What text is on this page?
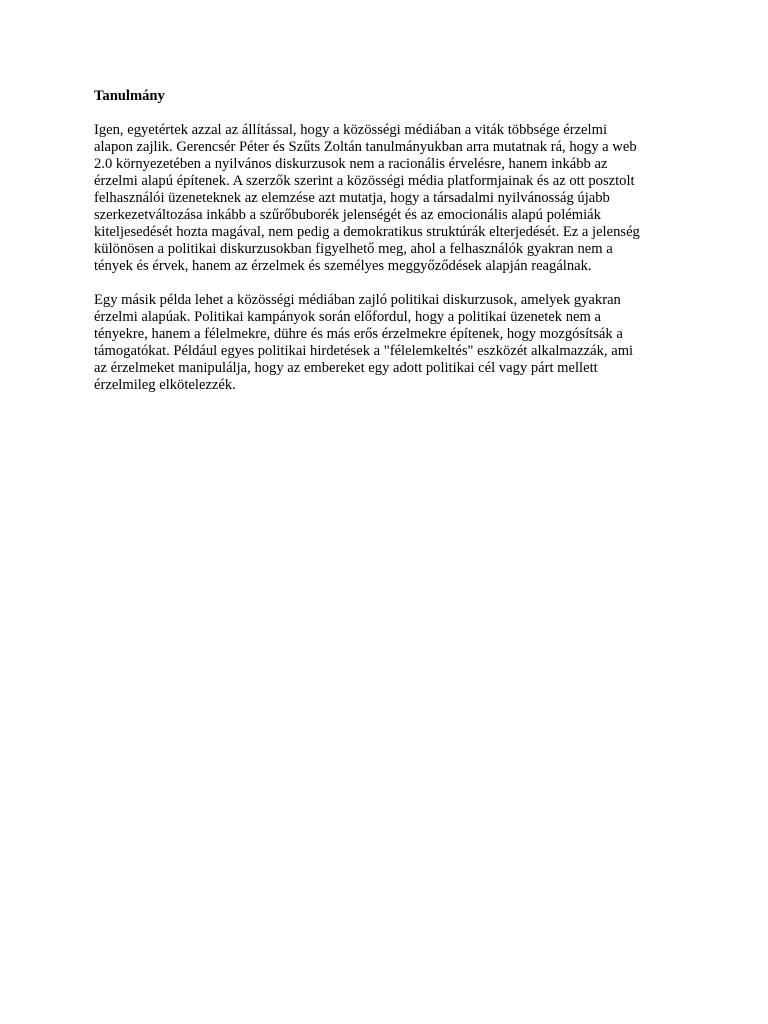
Tanulmány

Igen, egyetértek azzal az állítással, hogy a közösségi médiában a viták többsége érzelmi
alapon zajlik. Gerencsér Péter és Szűts Zoltán tanulmányukban arra mutatnak rá, hogy a web
2.0 környezetében a nyilvános diskurzusok nem a racionális érvelésre, hanem inkább az
érzelmi alapú építenek. A szerzők szerint a közösségi média platformjainak és az ott posztolt
felhasználói üzeneteknek az elemzése azt mutatja, hogy a társadalmi nyilvánosság újabb
szerkezetváltozása inkább a szűrőbuborék jelenségét és az emocionális alapú polémiák
kiteljesedését hozta magával, nem pedig a demokratikus struktúrák elterjedését. Ez a jelenség
különösen a politikai diskurzusokban figyelhető meg, ahol a felhasználók gyakran nem a
tények és érvek, hanem az érzelmek és személyes meggyőződések alapján reagálnak.

Egy másik példa lehet a közösségi médiában zajló politikai diskurzusok, amelyek gyakran
érzelmi alapúak. Politikai kampányok során előfordul, hogy a politikai üzenetek nem a
tényekre, hanem a félelmekre, dühre és más erős érzelmekre építenek, hogy mozgósítsák a
támogatókat. Például egyes politikai hirdetések a "félelemkeltés" eszközét alkalmazzák, ami
az érzelmeket manipulálja, hogy az embereket egy adott politikai cél vagy párt mellett
érzelmileg elkötelezzék.
